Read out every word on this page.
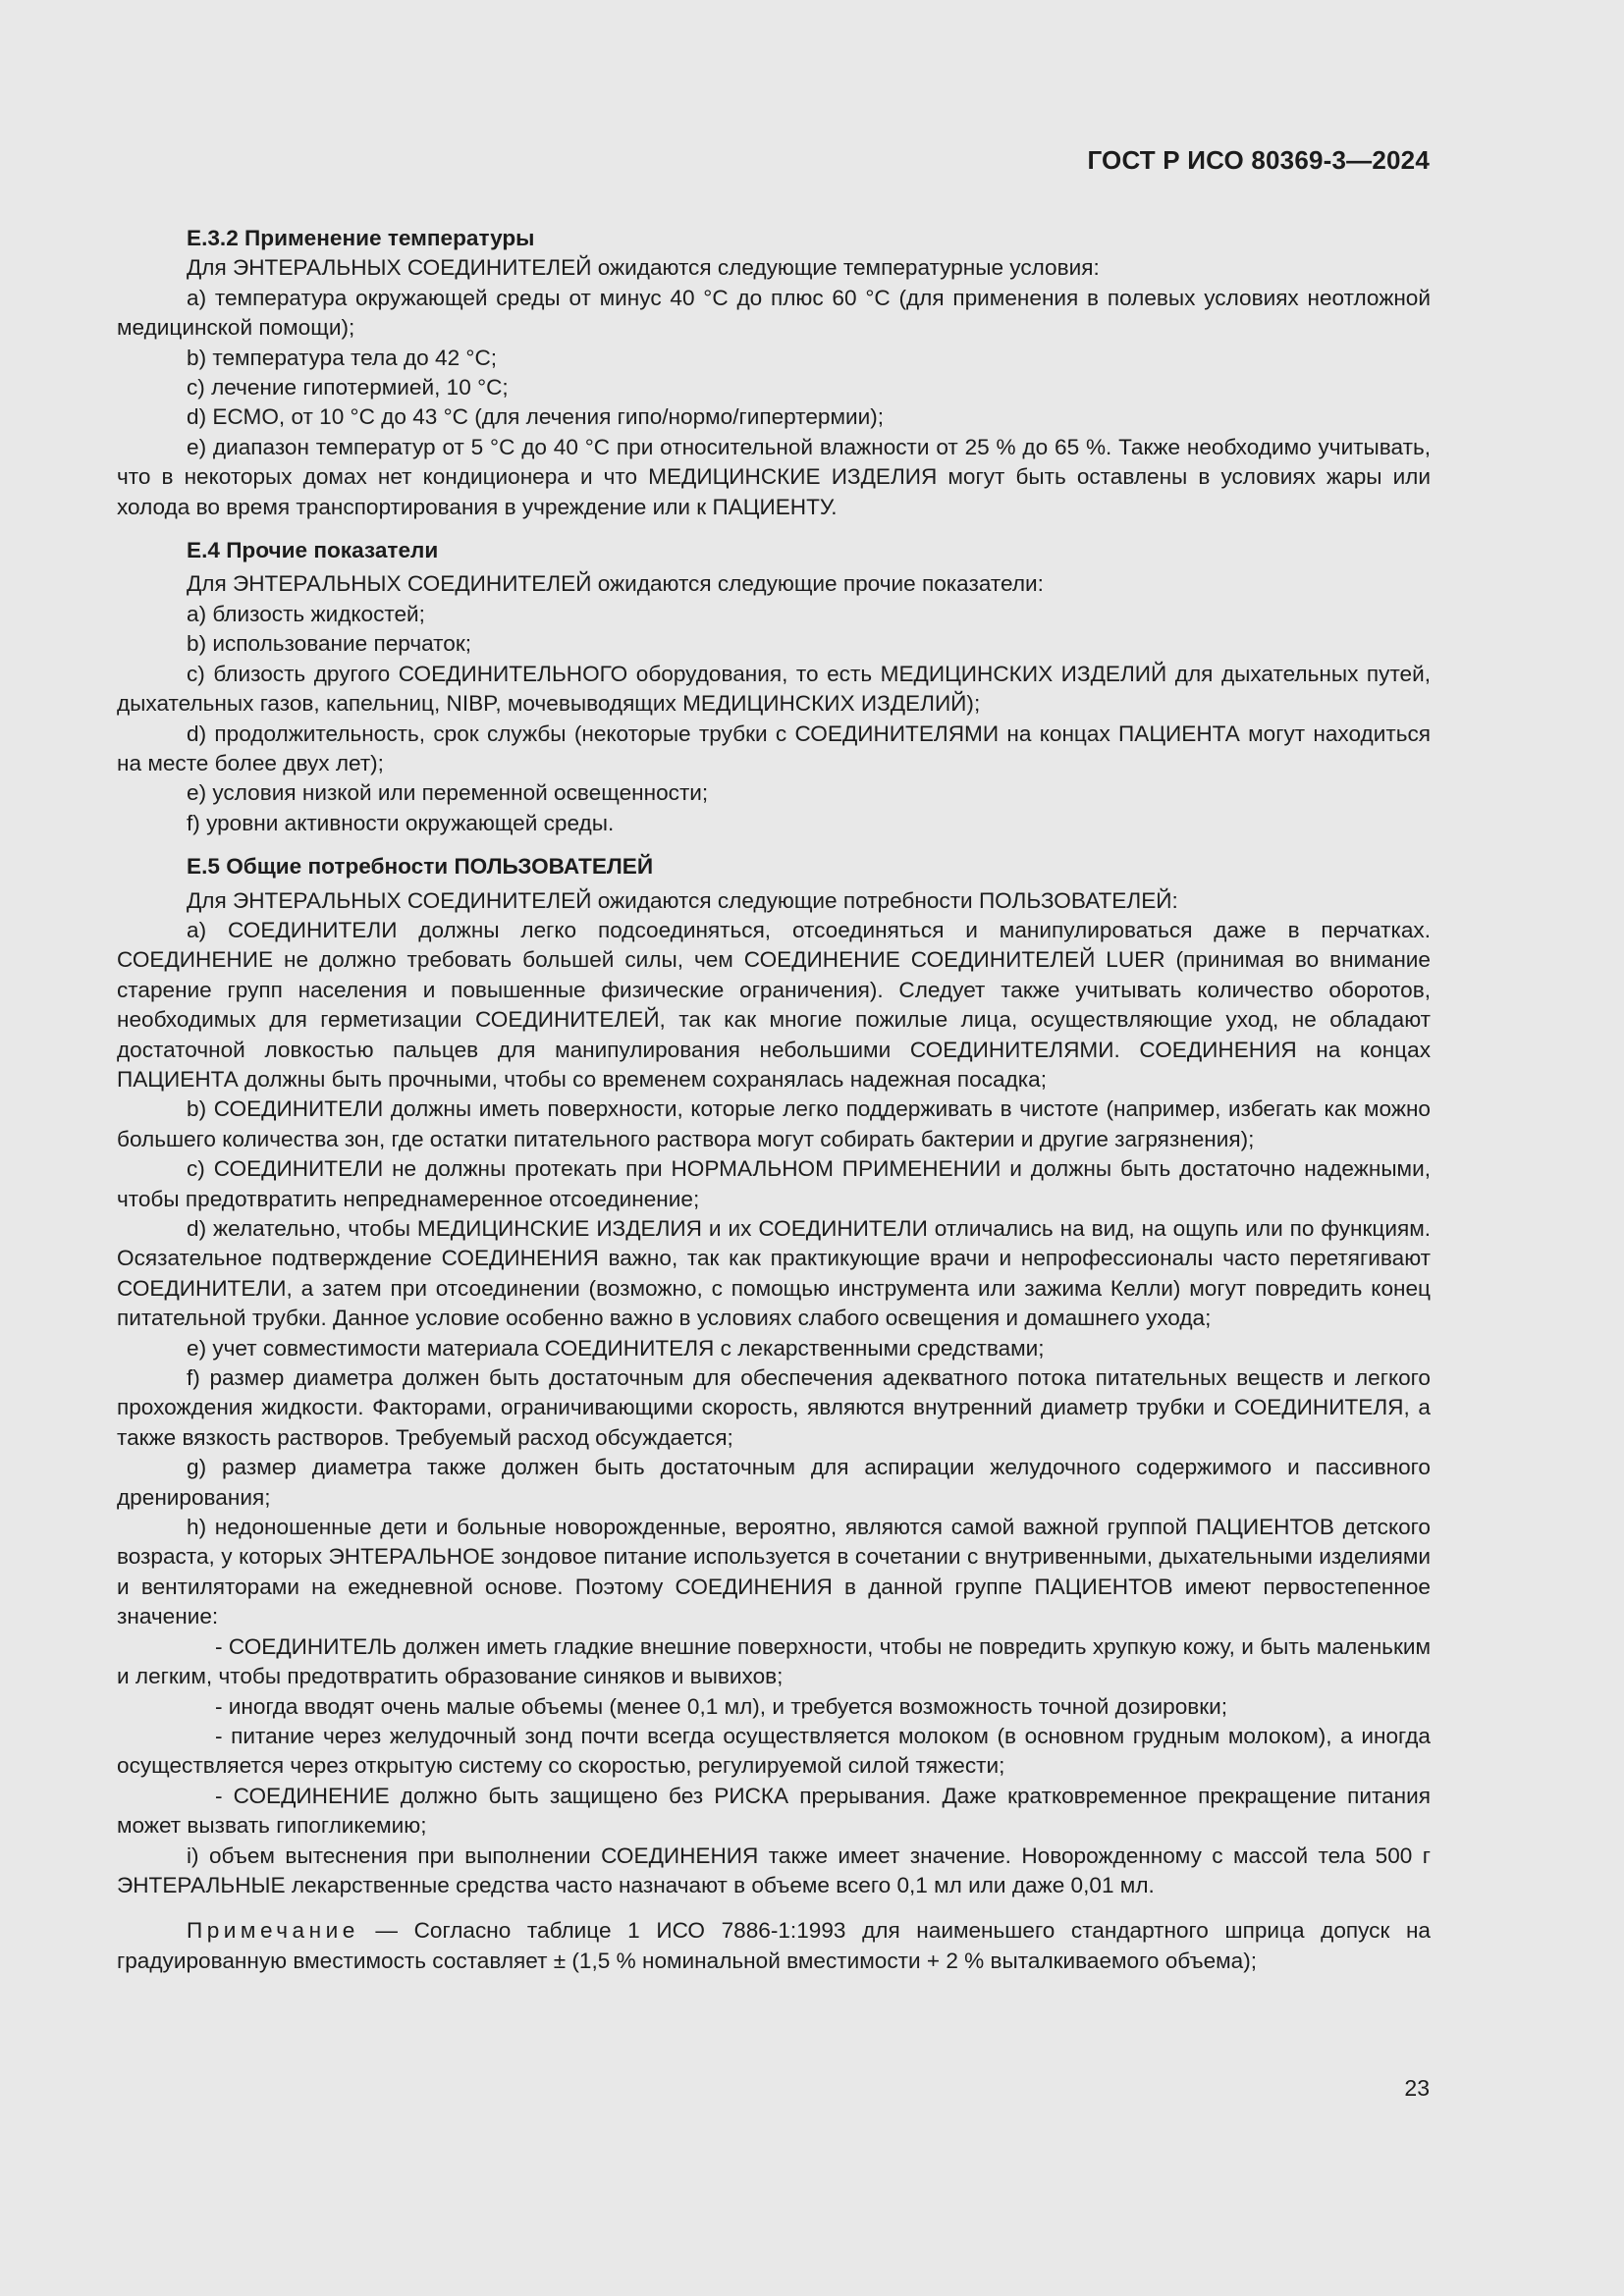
ГОСТ Р ИСО 80369-3—2024

Е.3.2 Применение температуры

Для ЭНТЕРАЛЬНЫХ СОЕДИНИТЕЛЕЙ ожидаются следующие температурные условия:

a) температура окружающей среды от минус 40 °С до плюс 60 °С (для применения в полевых условиях неотложной медицинской помощи);

b) температура тела до 42 °С;

c) лечение гипотермией, 10 °С;

d) ЕСМО, от 10 °С до 43 °С (для лечения гипо/нормо/гипертермии);

e) диапазон температур от 5 °С до 40 °С при относительной влажности от 25 % до 65 %. Также необходимо учитывать, что в некоторых домах нет кондиционера и что МЕДИЦИНСКИЕ ИЗДЕЛИЯ могут быть оставлены в условиях жары или холода во время транспортирования в учреждение или к ПАЦИЕНТУ.

Е.4 Прочие показатели

Для ЭНТЕРАЛЬНЫХ СОЕДИНИТЕЛЕЙ ожидаются следующие прочие показатели:

a) близость жидкостей;

b) использование перчаток;

c) близость другого СОЕДИНИТЕЛЬНОГО оборудования, то есть МЕДИЦИНСКИХ ИЗДЕЛИЙ для дыхательных путей, дыхательных газов, капельниц, NIBP, мочевыводящих МЕДИЦИНСКИХ ИЗДЕЛИЙ);

d) продолжительность, срок службы (некоторые трубки с СОЕДИНИТЕЛЯМИ на концах ПАЦИЕНТА могут находиться на месте более двух лет);

e) условия низкой или переменной освещенности;

f) уровни активности окружающей среды.

Е.5 Общие потребности ПОЛЬЗОВАТЕЛЕЙ

Для ЭНТЕРАЛЬНЫХ СОЕДИНИТЕЛЕЙ ожидаются следующие потребности ПОЛЬЗОВАТЕЛЕЙ:

a) СОЕДИНИТЕЛИ должны легко подсоединяться, отсоединяться и манипулироваться даже в перчатках. СОЕДИНЕНИЕ не должно требовать большей силы, чем СОЕДИНЕНИЕ СОЕДИНИТЕЛЕЙ LUER (принимая во внимание старение групп населения и повышенные физические ограничения). Следует также учитывать количество оборотов, необходимых для герметизации СОЕДИНИТЕЛЕЙ, так как многие пожилые лица, осуществляющие уход, не обладают достаточной ловкостью пальцев для манипулирования небольшими СОЕДИНИТЕЛЯМИ. СОЕДИНЕНИЯ на концах ПАЦИЕНТА должны быть прочными, чтобы со временем сохранялась надежная посадка;

b) СОЕДИНИТЕЛИ должны иметь поверхности, которые легко поддерживать в чистоте (например, избегать как можно большего количества зон, где остатки питательного раствора могут собирать бактерии и другие загрязнения);

c) СОЕДИНИТЕЛИ не должны протекать при НОРМАЛЬНОМ ПРИМЕНЕНИИ и должны быть достаточно надежными, чтобы предотвратить непреднамеренное отсоединение;

d) желательно, чтобы МЕДИЦИНСКИЕ ИЗДЕЛИЯ и их СОЕДИНИТЕЛИ отличались на вид, на ощупь или по функциям. Осязательное подтверждение СОЕДИНЕНИЯ важно, так как практикующие врачи и непрофессионалы часто перетягивают СОЕДИНИТЕЛИ, а затем при отсоединении (возможно, с помощью инструмента или зажима Келли) могут повредить конец питательной трубки. Данное условие особенно важно в условиях слабого освещения и домашнего ухода;

e) учет совместимости материала СОЕДИНИТЕЛЯ с лекарственными средствами;

f) размер диаметра должен быть достаточным для обеспечения адекватного потока питательных веществ и легкого прохождения жидкости. Факторами, ограничивающими скорость, являются внутренний диаметр трубки и СОЕДИНИТЕЛЯ, а также вязкость растворов. Требуемый расход обсуждается;

g) размер диаметра также должен быть достаточным для аспирации желудочного содержимого и пассивного дренирования;

h) недоношенные дети и больные новорожденные, вероятно, являются самой важной группой ПАЦИЕНТОВ детского возраста, у которых ЭНТЕРАЛЬНОЕ зондовое питание используется в сочетании с внутривенными, дыхательными изделиями и вентиляторами на ежедневной основе. Поэтому СОЕДИНЕНИЯ в данной группе ПАЦИЕНТОВ имеют первостепенное значение:

- СОЕДИНИТЕЛЬ должен иметь гладкие внешние поверхности, чтобы не повредить хрупкую кожу, и быть маленьким и легким, чтобы предотвратить образование синяков и вывихов;

- иногда вводят очень малые объемы (менее 0,1 мл), и требуется возможность точной дозировки;

- питание через желудочный зонд почти всегда осуществляется молоком (в основном грудным молоком), а иногда осуществляется через открытую систему со скоростью, регулируемой силой тяжести;

- СОЕДИНЕНИЕ должно быть защищено без РИСКА прерывания. Даже кратковременное прекращение питания может вызвать гипогликемию;

i) объем вытеснения при выполнении СОЕДИНЕНИЯ также имеет значение. Новорожденному с массой тела 500 г ЭНТЕРАЛЬНЫЕ лекарственные средства часто назначают в объеме всего 0,1 мл или даже 0,01 мл.

Примечание — Согласно таблице 1 ИСО 7886-1:1993 для наименьшего стандартного шприца допуск на градуированную вместимость составляет ± (1,5 % номинальной вместимости + 2 % выталкиваемого объема);

23
